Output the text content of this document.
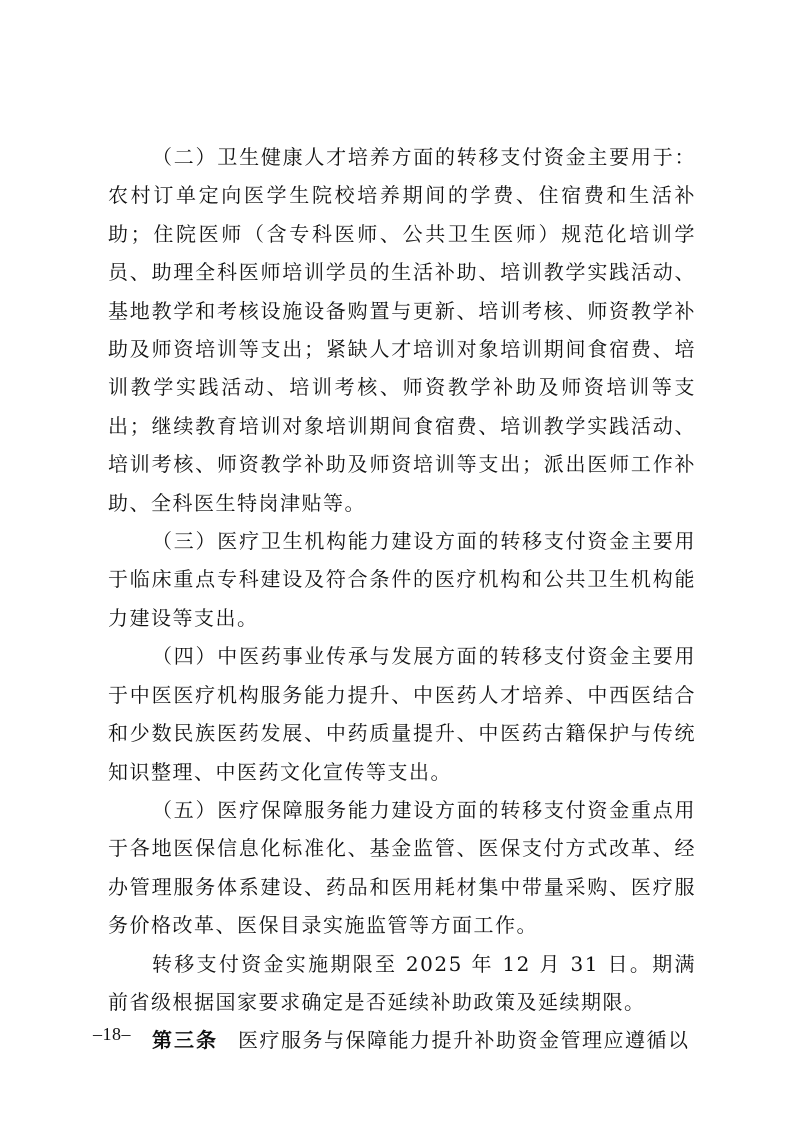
（二）卫生健康人才培养方面的转移支付资金主要用于：农村订单定向医学生院校培养期间的学费、住宿费和生活补助；住院医师（含专科医师、公共卫生医师）规范化培训学员、助理全科医师培训学员的生活补助、培训教学实践活动、基地教学和考核设施设备购置与更新、培训考核、师资教学补助及师资培训等支出；紧缺人才培训对象培训期间食宿费、培训教学实践活动、培训考核、师资教学补助及师资培训等支出；继续教育培训对象培训期间食宿费、培训教学实践活动、培训考核、师资教学补助及师资培训等支出；派出医师工作补助、全科医生特岗津贴等。

（三）医疗卫生机构能力建设方面的转移支付资金主要用于临床重点专科建设及符合条件的医疗机构和公共卫生机构能力建设等支出。

（四）中医药事业传承与发展方面的转移支付资金主要用于中医医疗机构服务能力提升、中医药人才培养、中西医结合和少数民族医药发展、中药质量提升、中医药古籍保护与传统知识整理、中医药文化宣传等支出。

（五）医疗保障服务能力建设方面的转移支付资金重点用于各地医保信息化标准化、基金监管、医保支付方式改革、经办管理服务体系建设、药品和医用耗材集中带量采购、医疗服务价格改革、医保目录实施监管等方面工作。

转移支付资金实施期限至 2025 年 12 月 31 日。期满前省级根据国家要求确定是否延续补助政策及延续期限。

第三条 医疗服务与保障能力提升补助资金管理应遵循以

–18–
